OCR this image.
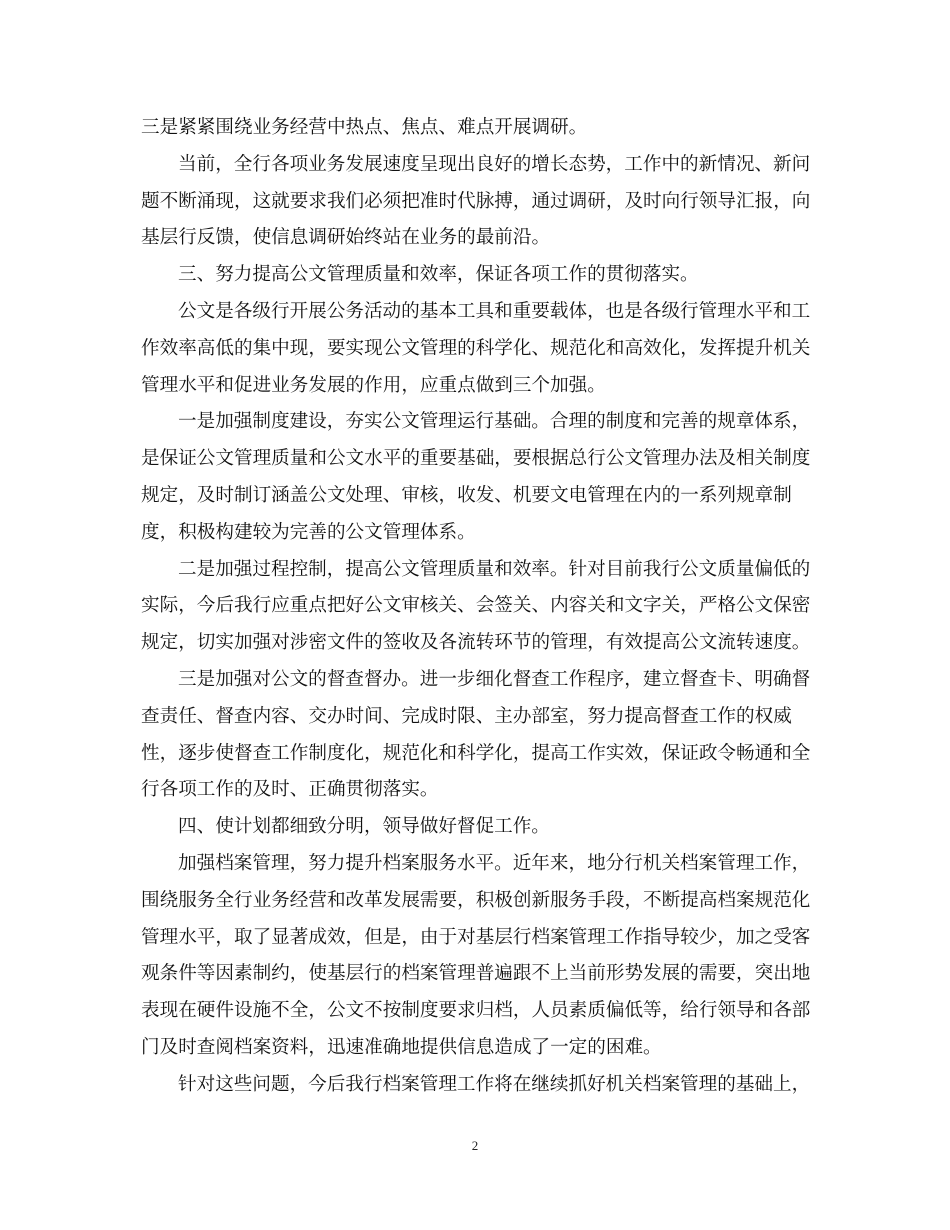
三是紧紧围绕业务经营中热点、焦点、难点开展调研。

当前，全行各项业务发展速度呈现出良好的增长态势，工作中的新情况、新问
题不断涌现，这就要求我们必须把准时代脉搏，通过调研，及时向行领导汇报，向
基层行反馈，使信息调研始终站在业务的最前沿。

三、努力提高公文管理质量和效率，保证各项工作的贯彻落实。

公文是各级行开展公务活动的基本工具和重要载体，也是各级行管理水平和工
作效率高低的集中现，要实现公文管理的科学化、规范化和高效化，发挥提升机关
管理水平和促进业务发展的作用，应重点做到三个加强。

一是加强制度建设，夯实公文管理运行基础。合理的制度和完善的规章体系，
是保证公文管理质量和公文水平的重要基础，要根据总行公文管理办法及相关制度
规定，及时制订涵盖公文处理、审核，收发、机要文电管理在内的一系列规章制
度，积极构建较为完善的公文管理体系。

二是加强过程控制，提高公文管理质量和效率。针对目前我行公文质量偏低的
实际，今后我行应重点把好公文审核关、会签关、内容关和文字关，严格公文保密
规定，切实加强对涉密文件的签收及各流转环节的管理，有效提高公文流转速度。

三是加强对公文的督查督办。进一步细化督查工作程序，建立督查卡、明确督
查责任、督查内容、交办时间、完成时限、主办部室，努力提高督查工作的权威
性，逐步使督查工作制度化，规范化和科学化，提高工作实效，保证政令畅通和全
行各项工作的及时、正确贯彻落实。

四、使计划都细致分明，领导做好督促工作。

加强档案管理，努力提升档案服务水平。近年来，地分行机关档案管理工作，
围绕服务全行业务经营和改革发展需要，积极创新服务手段，不断提高档案规范化
管理水平，取了显著成效，但是，由于对基层行档案管理工作指导较少，加之受客
观条件等因素制约，使基层行的档案管理普遍跟不上当前形势发展的需要，突出地
表现在硬件设施不全，公文不按制度要求归档，人员素质偏低等，给行领导和各部
门及时查阅档案资料，迅速准确地提供信息造成了一定的困难。

针对这些问题，今后我行档案管理工作将在继续抓好机关档案管理的基础上，

2
